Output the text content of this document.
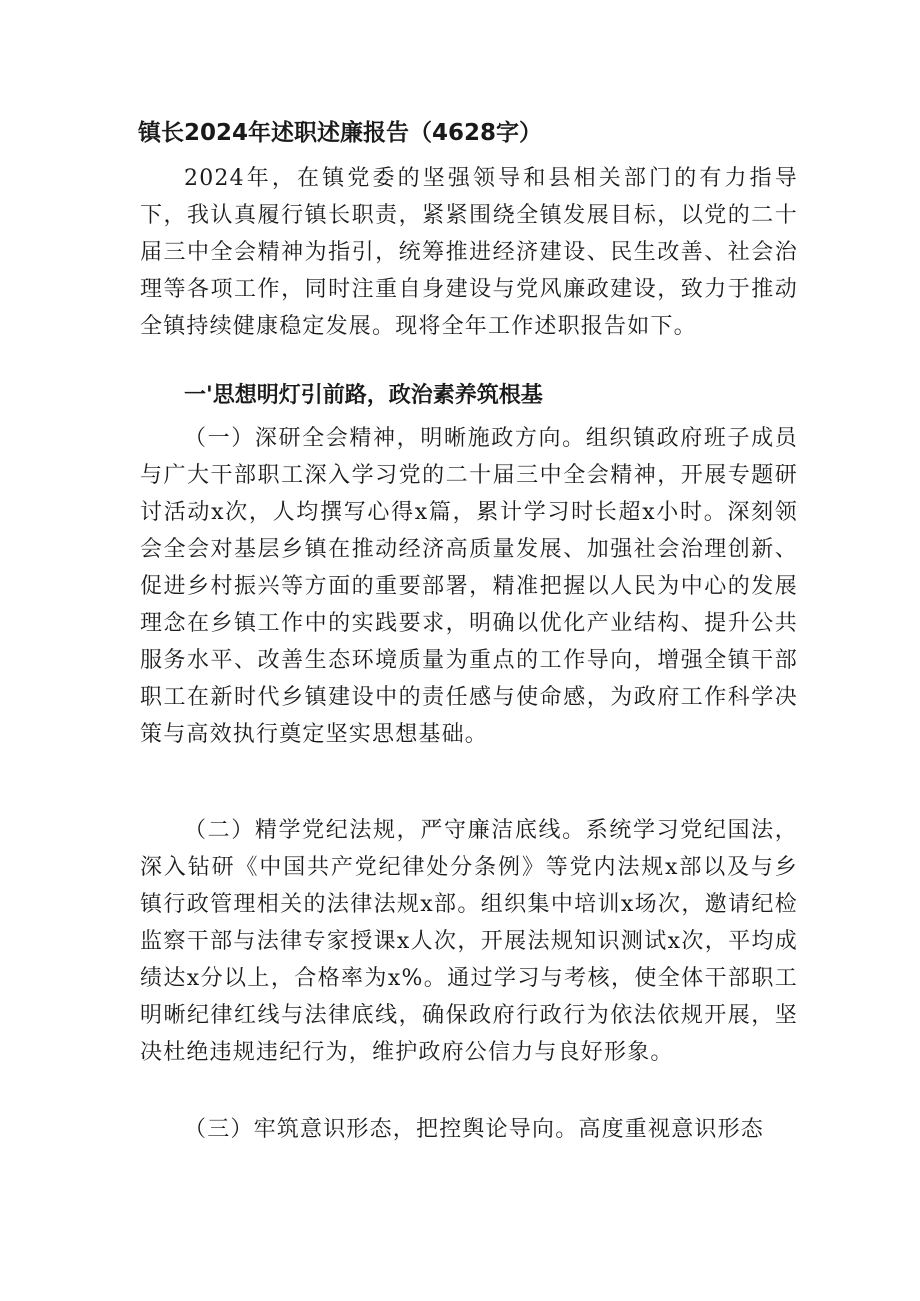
镇长2024年述职述廉报告（4628字）

2024年，在镇党委的坚强领导和县相关部门的有力指导下，我认真履行镇长职责，紧紧围绕全镇发展目标，以党的二十届三中全会精神为指引，统筹推进经济建设、民生改善、社会治理等各项工作，同时注重自身建设与党风廉政建设，致力于推动全镇持续健康稳定发展。现将全年工作述职报告如下。

一'思想明灯引前路，政治素养筑根基

（一）深研全会精神，明晰施政方向。组织镇政府班子成员与广大干部职工深入学习党的二十届三中全会精神，开展专题研讨活动x次，人均撰写心得x篇，累计学习时长超x小时。深刻领会全会对基层乡镇在推动经济高质量发展、加强社会治理创新、促进乡村振兴等方面的重要部署，精准把握以人民为中心的发展理念在乡镇工作中的实践要求，明确以优化产业结构、提升公共服务水平、改善生态环境质量为重点的工作导向，增强全镇干部职工在新时代乡镇建设中的责任感与使命感，为政府工作科学决策与高效执行奠定坚实思想基础。

（二）精学党纪法规，严守廉洁底线。系统学习党纪国法，深入钻研《中国共产党纪律处分条例》等党内法规x部以及与乡镇行政管理相关的法律法规x部。组织集中培训x场次，邀请纪检监察干部与法律专家授课x人次，开展法规知识测试x次，平均成绩达x分以上，合格率为x%。通过学习与考核，使全体干部职工明晰纪律红线与法律底线，确保政府行政行为依法依规开展，坚决杜绝违规违纪行为，维护政府公信力与良好形象。

（三）牢筑意识形态，把控舆论导向。高度重视意识形态
